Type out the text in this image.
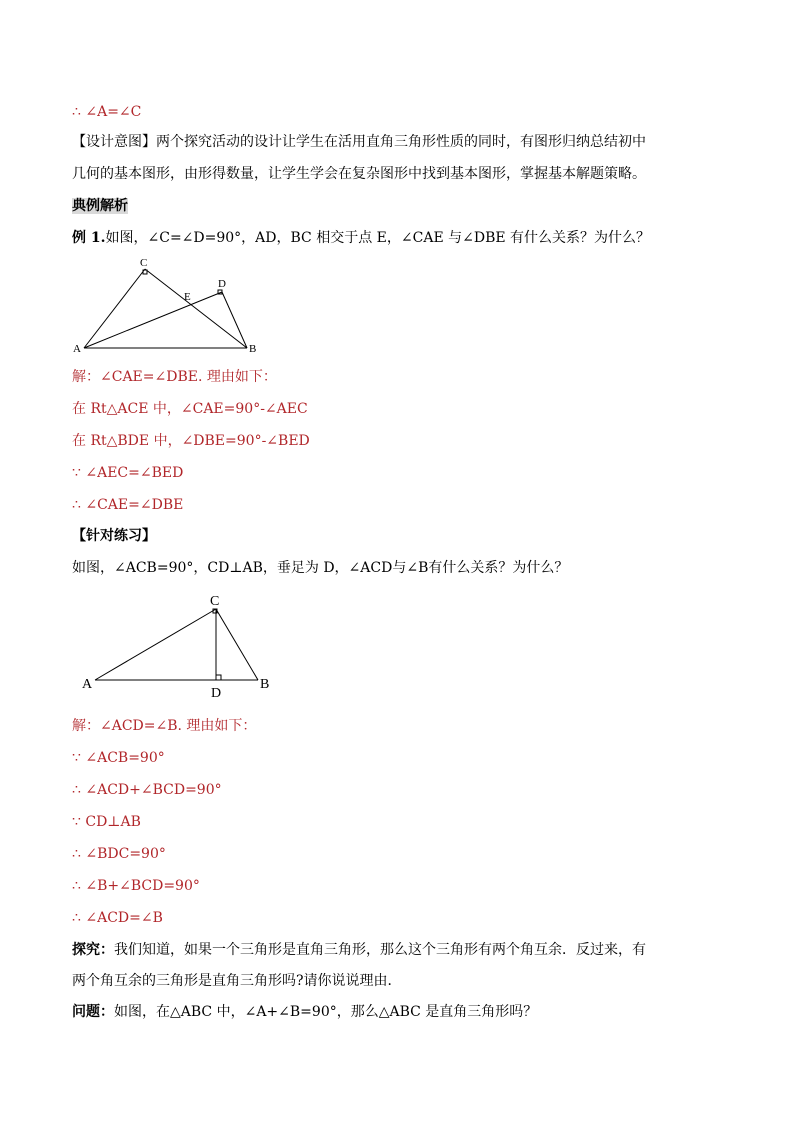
∴ ∠A=∠C
【设计意图】两个探究活动的设计让学生在活用直角三角形性质的同时，有图形归纳总结初中
几何的基本图形，由形得数量，让学生学会在复杂图形中找到基本图形，掌握基本解题策略。
典例解析
例 1.如图，∠C=∠D=90°，AD，BC 相交于点 E，∠CAE 与∠DBE 有什么关系？为什么？
A	B
C
D
E
解：∠CAE=∠DBE. 理由如下：
在 Rt△ACE 中，∠CAE=90°-∠AEC
在 Rt△BDE 中，∠DBE=90°-∠BED
∵ ∠AEC=∠BED
∴ ∠CAE=∠DBE
【针对练习】
如图，∠ACB=90°，CD⊥AB，垂足为 D，∠ACD与∠B有什么关系？为什么？
A	B
C
D
解：∠ACD=∠B. 理由如下：
∵ ∠ACB=90°
∴ ∠ACD+∠BCD=90°
∵ CD⊥AB
∴ ∠BDC=90°
∴ ∠B+∠BCD=90°
∴ ∠ACD=∠B
探究：我们知道，如果一个三角形是直角三角形，那么这个三角形有两个角互余．反过来，有
两个角互余的三角形是直角三角形吗?请你说说理由．
问题：如图，在△ABC 中，∠A+∠B=90°，那么△ABC 是直角三角形吗？
